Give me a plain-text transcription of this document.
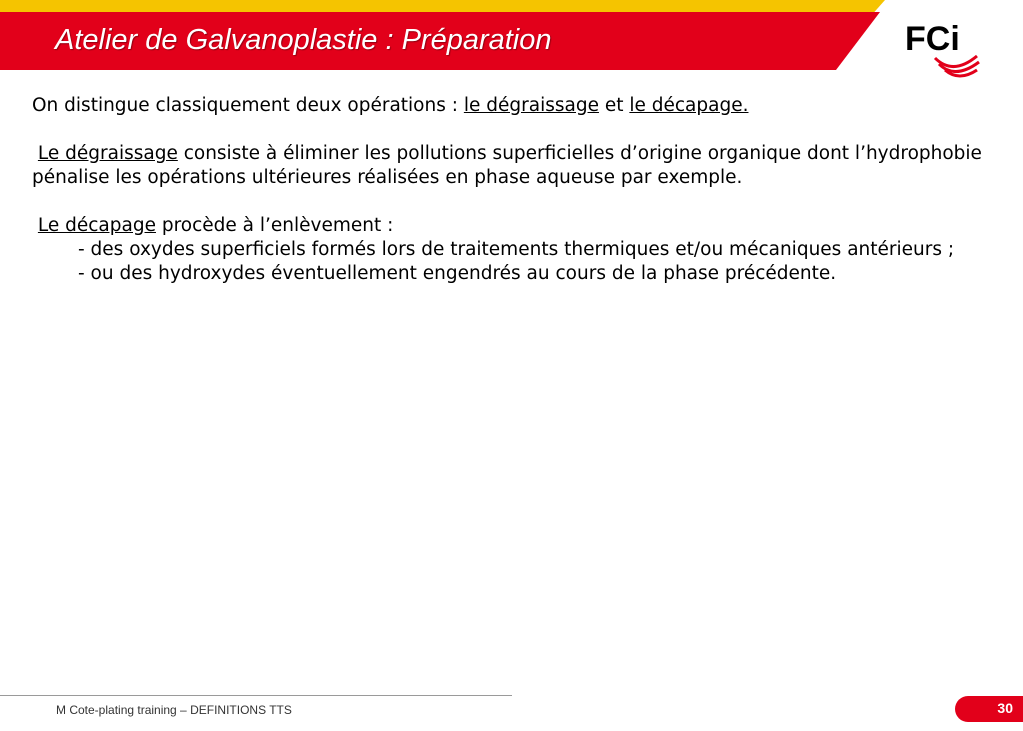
Atelier de Galvanoplastie : Préparation	FCi

On distingue classiquement deux opérations : le dégraissage et le décapage.

Le dégraissage consiste à éliminer les pollutions superficielles d’origine organique dont l’hydrophobie pénalise les opérations ultérieures réalisées en phase aqueuse par exemple.

Le décapage procède à l’enlèvement :

- des oxydes superficiels formés lors de traitements thermiques et/ou mécaniques antérieurs ;

- ou des hydroxydes éventuellement engendrés au cours de la phase précédente.

M Cote-plating training – DEFINITIONS TTS	30
